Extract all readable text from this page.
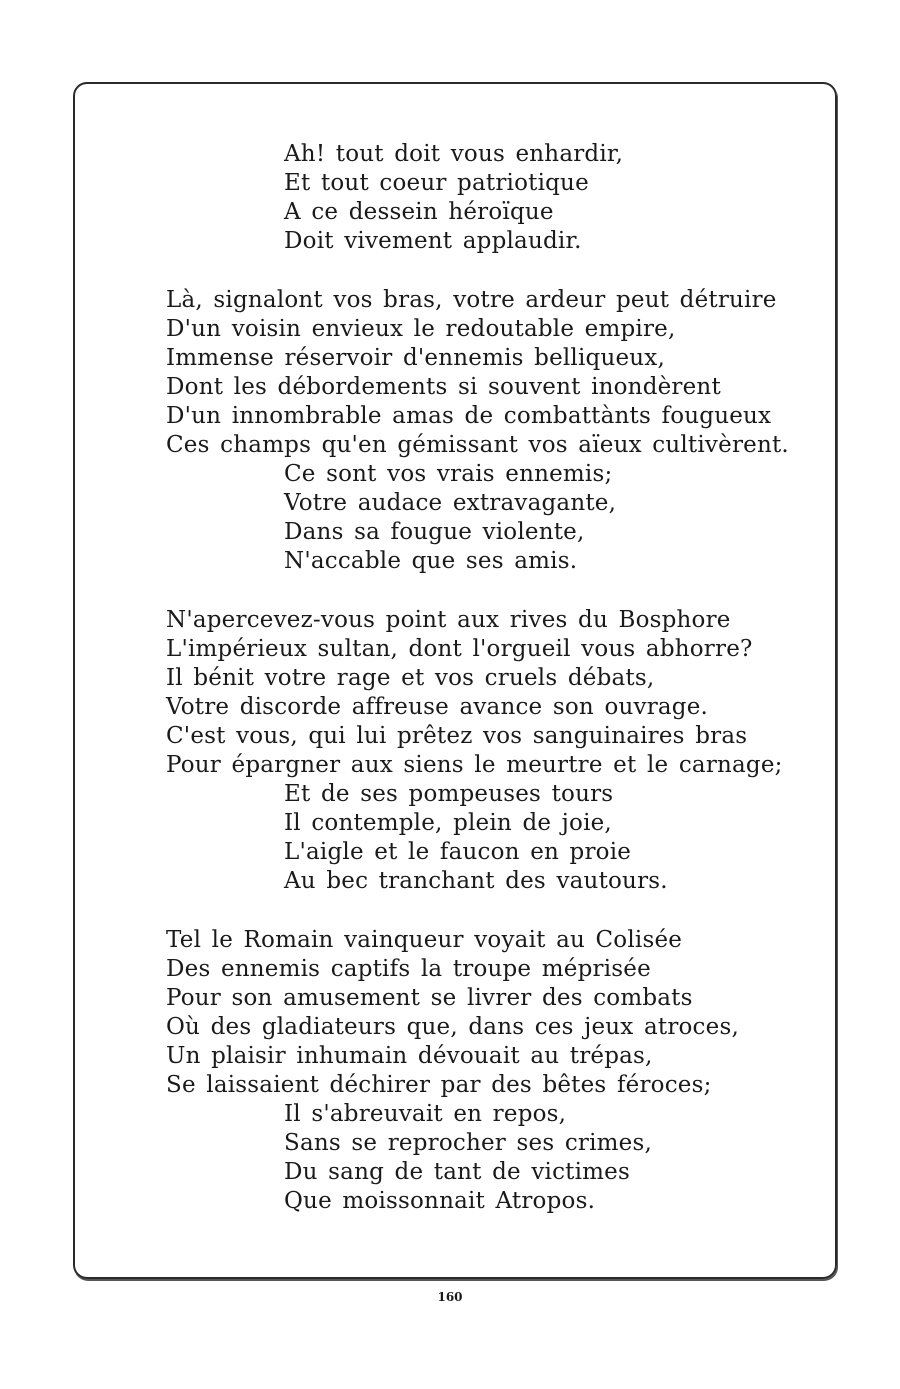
Ah! tout doit vous enhardir,
Et tout coeur patriotique
A ce dessein héroïque
Doit vivement applaudir.
Là, signalont vos bras, votre ardeur peut détruire
D'un voisin envieux le redoutable empire,
Immense réservoir d'ennemis belliqueux,
Dont les débordements si souvent inondèrent
D'un innombrable amas de combattànts fougueux
Ces champs qu'en gémissant vos aïeux cultivèrent.
Ce sont vos vrais ennemis;
Votre audace extravagante,
Dans sa fougue violente,
N'accable que ses amis.
N'apercevez-vous point aux rives du Bosphore
L'impérieux sultan, dont l'orgueil vous abhorre?
Il bénit votre rage et vos cruels débats,
Votre discorde affreuse avance son ouvrage.
C'est vous, qui lui prêtez vos sanguinaires bras
Pour épargner aux siens le meurtre et le carnage;
Et de ses pompeuses tours
Il contemple, plein de joie,
L'aigle et le faucon en proie
Au bec tranchant des vautours.
Tel le Romain vainqueur voyait au Colisée
Des ennemis captifs la troupe méprisée
Pour son amusement se livrer des combats
Où des gladiateurs que, dans ces jeux atroces,
Un plaisir inhumain dévouait au trépas,
Se laissaient déchirer par des bêtes féroces;
Il s'abreuvait en repos,
Sans se reprocher ses crimes,
Du sang de tant de victimes
Que moissonnait Atropos.
160
